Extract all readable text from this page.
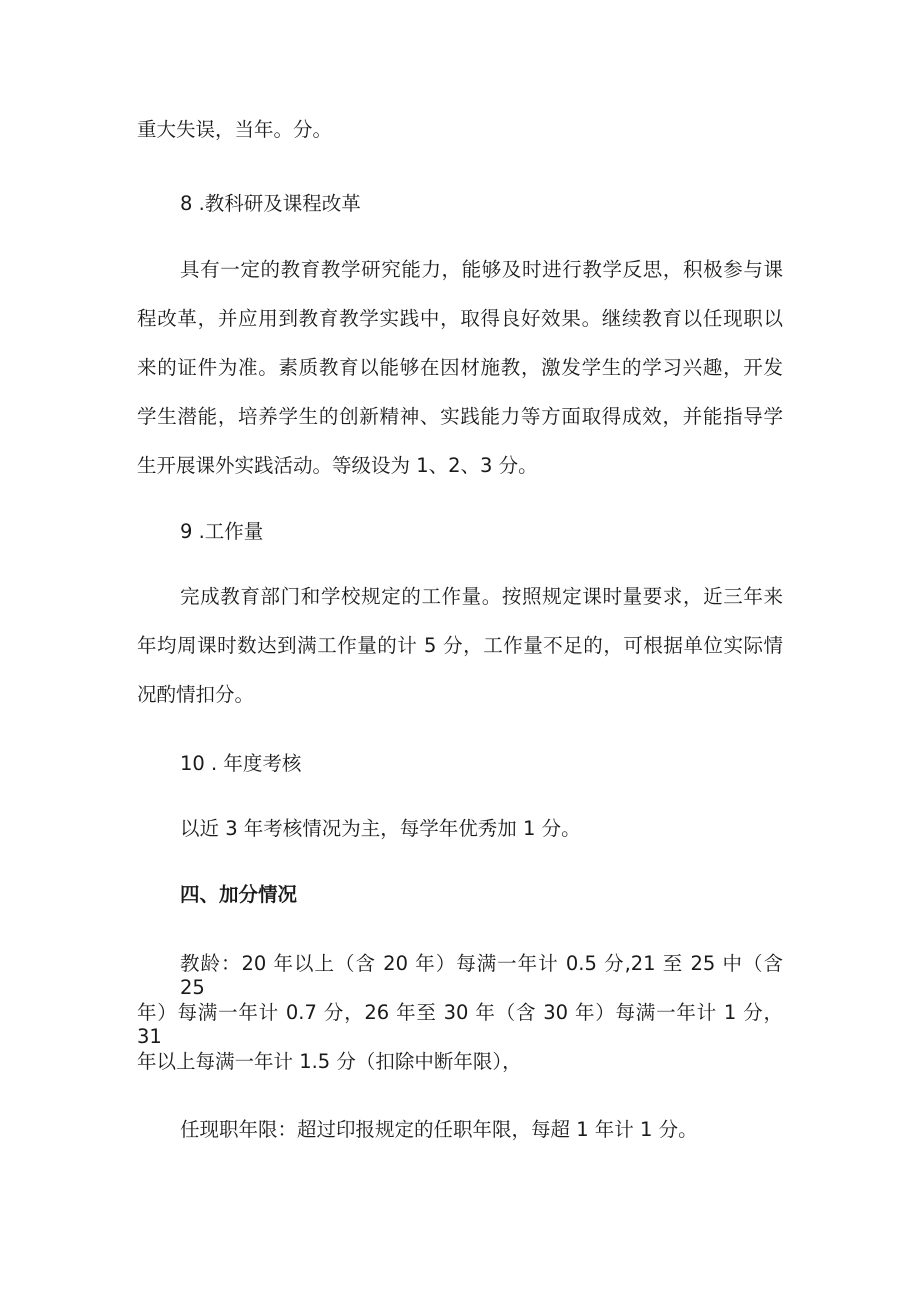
重大失误，当年。分。
8 .教科研及课程改革
具有一定的教育教学研究能力，能够及时进行教学反思，积极参与课
程改革，并应用到教育教学实践中，取得良好效果。继续教育以任现职以
来的证件为准。素质教育以能够在因材施教，激发学生的学习兴趣，开发
学生潜能，培养学生的创新精神、实践能力等方面取得成效，并能指导学
生开展课外实践活动。等级设为 1、2、3 分。
9 .工作量
完成教育部门和学校规定的工作量。按照规定课时量要求，近三年来
年均周课时数达到满工作量的计 5 分，工作量不足的，可根据单位实际情
况酌情扣分。
10 . 年度考核
以近 3 年考核情况为主，每学年优秀加 1 分。
四、加分情况
教龄：20 年以上（含 20 年）每满一年计 0.5 分,21 至 25 中（含 25
年）每满一年计 0.7 分，26 年至 30 年（含 30 年）每满一年计 1 分，31
年以上每满一年计 1.5 分（扣除中断年限），
任现职年限：超过印报规定的任职年限，每超 1 年计 1 分。
